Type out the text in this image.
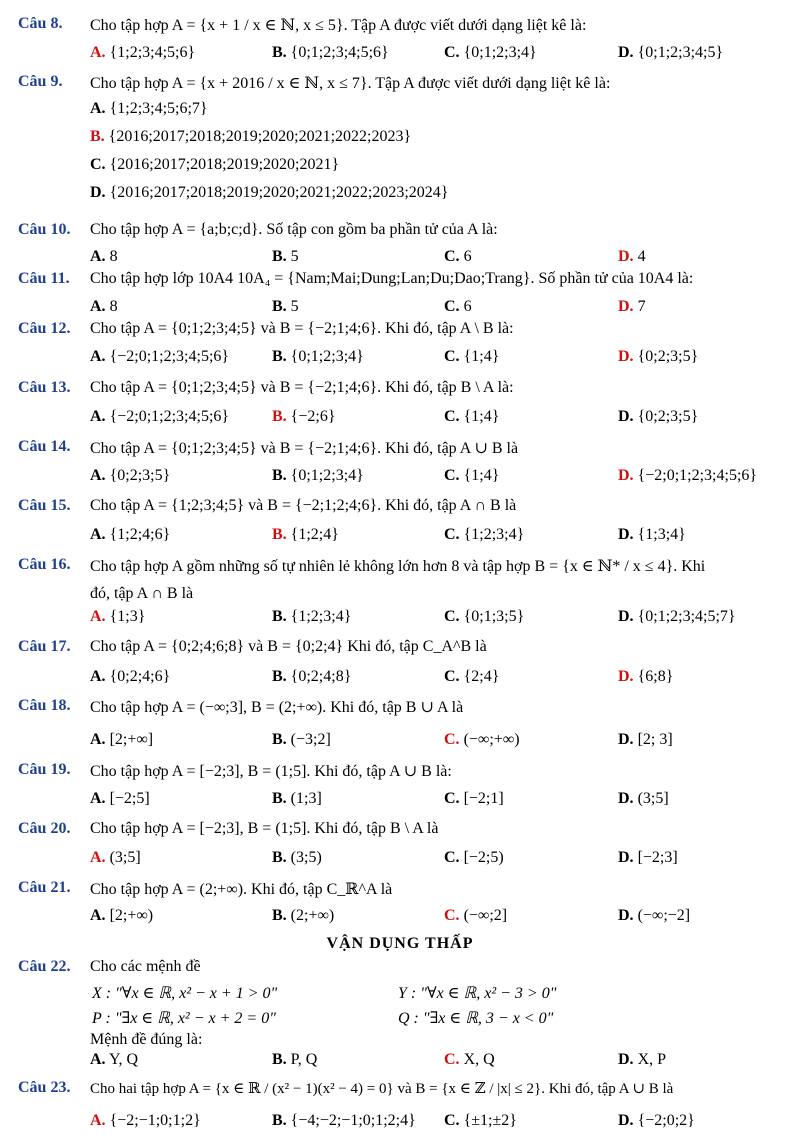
Câu 8. Cho tập hợp A = {x + 1 / x ∈ ℕ, x ≤ 5}. Tập A được viết dưới dạng liệt kê là:
A. {1;2;3;4;5;6}	B. {0;1;2;3;4;5;6}	C. {0;1;2;3;4}	D. {0;1;2;3;4;5}
Câu 9. Cho tập hợp A = {x + 2016 / x ∈ ℕ, x ≤ 7}. Tập A được viết dưới dạng liệt kê là:
A. {1;2;3;4;5;6;7}
B. {2016;2017;2018;2019;2020;2021;2022;2023}
C. {2016;2017;2018;2019;2020;2021}
D. {2016;2017;2018;2019;2020;2021;2022;2023;2024}
Câu 10. Cho tập hợp A = {a;b;c;d}. Số tập con gồm ba phần tử của A là:
A. 8	B. 5	C. 6	D. 4
Câu 11. Cho tập hợp lớp 10A4 10A₄ = {Nam;Mai;Dung;Lan;Du;Dao;Trang}. Số phần tử của 10A4 là:
A. 8	B. 5	C. 6	D. 7
Câu 12. Cho tập A = {0;1;2;3;4;5} và B = {−2;1;4;6}. Khi đó, tập A \ B là:
A. {−2;0;1;2;3;4;5;6}	B. {0;1;2;3;4}	C. {1;4}	D. {0;2;3;5}
Câu 13. Cho tập A = {0;1;2;3;4;5} và B = {−2;1;4;6}. Khi đó, tập B \ A là:
A. {−2;0;1;2;3;4;5;6}	B. {−2;6}	C. {1;4}	D. {0;2;3;5}
Câu 14. Cho tập A = {0;1;2;3;4;5} và B = {−2;1;4;6}. Khi đó, tập A ∪ B là
A. {0;2;3;5}	B. {0;1;2;3;4}	C. {1;4}	D. {−2;0;1;2;3;4;5;6}
Câu 15. Cho tập A = {1;2;3;4;5} và B = {−2;1;2;4;6}. Khi đó, tập A ∩ B là
A. {1;2;4;6}	B. {1;2;4}	C. {1;2;3;4}	D. {1;3;4}
Câu 16. Cho tập hợp A gồm những số tự nhiên lẻ không lớn hơn 8 và tập hợp B = {x ∈ ℕ* / x ≤ 4}. Khi
đó, tập A ∩ B là
A. {1;3}	B. {1;2;3;4}	C. {0;1;3;5}	D. {0;1;2;3;4;5;7}
Câu 17. Cho tập A = {0;2;4;6;8} và B = {0;2;4} Khi đó, tập C_A^B là
A. {0;2;4;6}	B. {0;2;4;8}	C. {2;4}	D. {6;8}
Câu 18. Cho tập hợp A = (−∞;3], B = (2;+∞). Khi đó, tập B ∪ A là
A. [2;+∞]	B. (−3;2]	C. (−∞;+∞)	D. [2; 3]
Câu 19. Cho tập hợp A = [−2;3], B = (1;5]. Khi đó, tập A ∪ B là:
A. [−2;5]	B. (1;3]	C. [−2;1]	D. (3;5]
Câu 20. Cho tập hợp A = [−2;3], B = (1;5]. Khi đó, tập B \ A là
A. (3;5]	B. (3;5)	C. [−2;5)	D. [−2;3]
Câu 21. Cho tập hợp A = (2;+∞). Khi đó, tập C_ℝ^A là
A. [2;+∞)	B. (2;+∞)	C. (−∞;2]	D. (−∞;−2]
VẬN DỤNG THẤP
Câu 22. Cho các mệnh đề
X : "∀x ∈ ℝ, x² − x + 1 > 0"	Y : "∀x ∈ ℝ, x² − 3 > 0"
P : "∃x ∈ ℝ, x² − x + 2 = 0"	Q : "∃x ∈ ℝ, 3 − x < 0"
Mệnh đề đúng là:
A. Y, Q	B. P, Q	C. X, Q	D. X, P
Câu 23. Cho hai tập hợp A = {x ∈ ℝ / (x² − 1)(x² − 4) = 0} và B = {x ∈ ℤ / |x| ≤ 2}. Khi đó, tập A ∪ B là
A. {−2;−1;0;1;2}	B. {−4;−2;−1;0;1;2;4} C. {±1;±2}	D. {−2;0;2}
